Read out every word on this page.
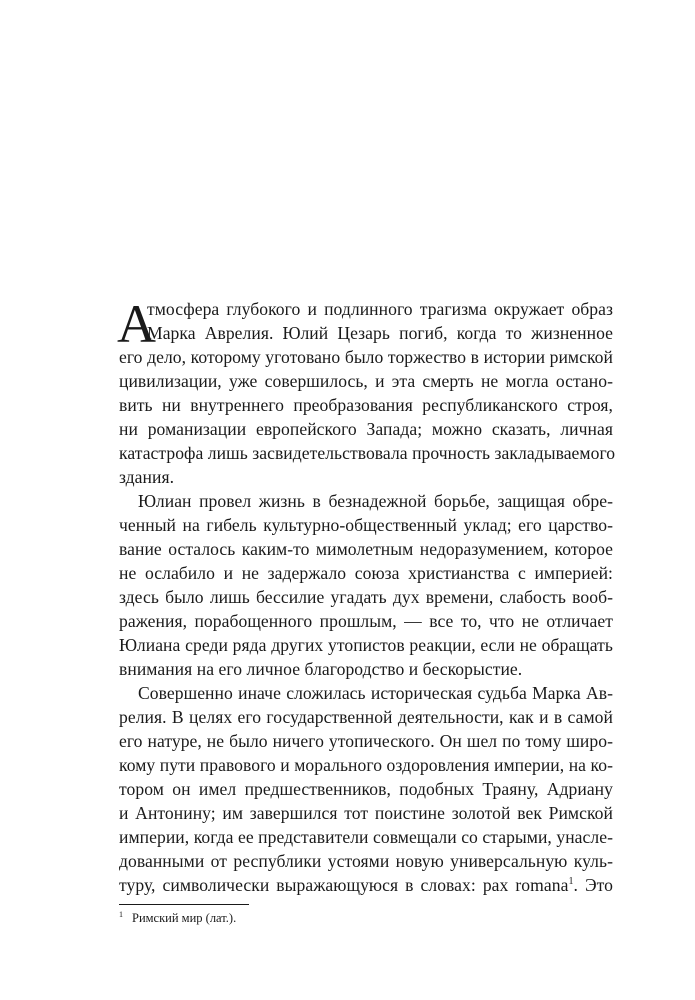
А
тмосфера глубокого и подлинного трагизма окружает образ
Марка Аврелия. Юлий Цезарь погиб, когда то жизненное
его дело, которому уготовано было торжество в истории римской
цивилизации, уже совершилось, и эта смерть не могла остано-
вить ни внутреннего преобразования республиканского строя,
ни романизации европейского Запада; можно сказать, личная
катастрофа лишь засвидетельствовала прочность закладываемого
здания.
Юлиан провел жизнь в безнадежной борьбе, защищая обре-
ченный на гибель культурно-общественный уклад; его царство-
вание осталось каким-то мимолетным недоразумением, которое
не ослабило и не задержало союза христианства с империей:
здесь было лишь бессилие угадать дух времени, слабость вооб-
ражения, порабощенного прошлым, — все то, что не отличает
Юлиана среди ряда других утопистов реакции, если не обращать
внимания на его личное благородство и бескорыстие.
Совершенно иначе сложилась историческая судьба Марка Ав-
релия. В целях его государственной деятельности, как и в самой
его натуре, не было ничего утопического. Он шел по тому широ-
кому пути правового и морального оздоровления империи, на ко-
тором он имел предшественников, подобных Траяну, Адриану
и Антонину; им завершился тот поистине золотой век Римской
империи, когда ее представители совмещали со старыми, унасле-
дованными от республики устоями новую универсальную куль-
туру, символически выражающуюся в словах: pax romana$^1$. Это
1 Римский мир (лат.).
